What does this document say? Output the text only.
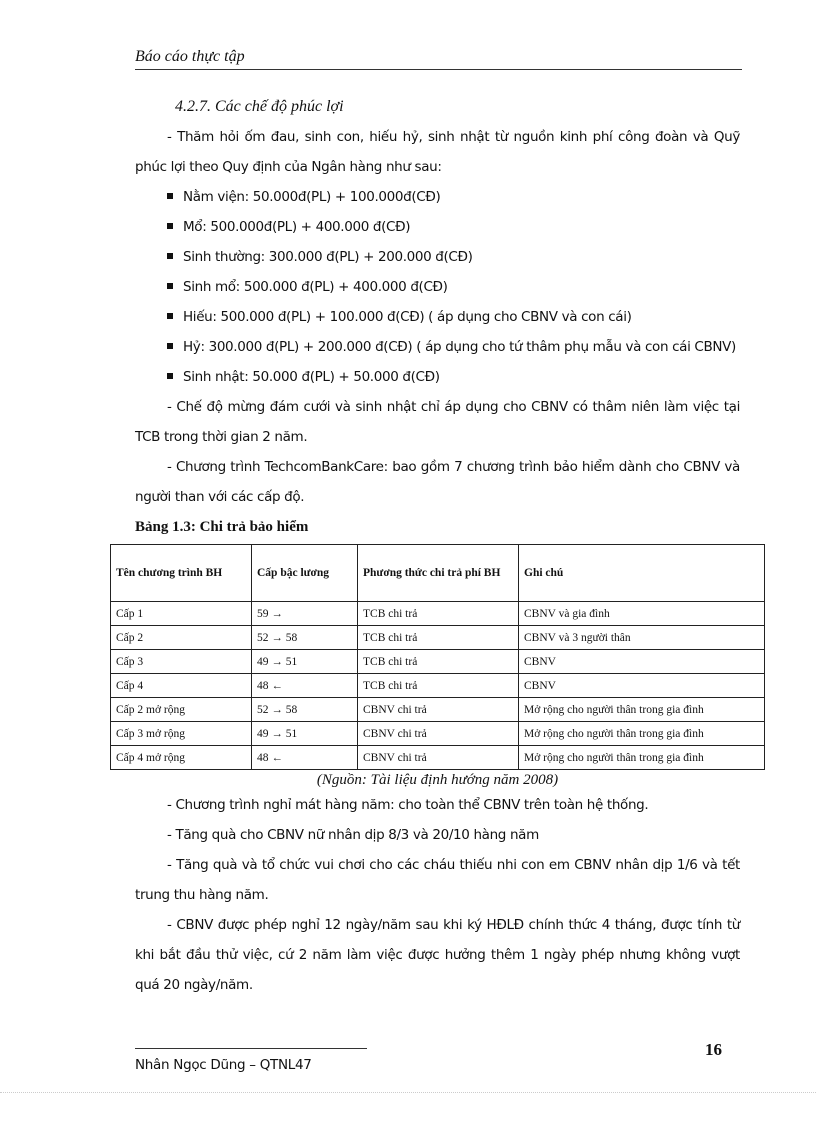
Báo cáo thực tập

4.2.7. Các chế độ phúc lợi

- Thăm hỏi ốm đau, sinh con, hiếu hỷ, sinh nhật từ nguồn kinh phí công đoàn và Quỹ phúc lợi theo Quy định của Ngân hàng như sau:

Nằm viện: 50.000đ(PL) + 100.000đ(CĐ)
Mổ: 500.000đ(PL) + 400.000 đ(CĐ)
Sinh thường: 300.000 đ(PL) + 200.000 đ(CĐ)
Sinh mổ: 500.000 đ(PL) + 400.000 đ(CĐ)
Hiếu: 500.000 đ(PL) + 100.000 đ(CĐ) ( áp dụng cho CBNV và con cái)

Hỷ: 300.000 đ(PL) + 200.000 đ(CĐ) ( áp dụng cho tứ thâm phụ mẫu và con cái CBNV)

Sinh nhật: 50.000 đ(PL) + 50.000 đ(CĐ)

- Chế độ mừng đám cưới và sinh nhật chỉ áp dụng cho CBNV có thâm niên làm việc tại TCB trong thời gian 2 năm.

- Chương trình TechcomBankCare: bao gồm 7 chương trình bảo hiểm dành cho CBNV và người than với các cấp độ.

Bảng 1.3: Chi trả bảo hiểm
Tên chương trình BH	Cấp bậc lương	Phương thức chi trả phí BH	Ghi chú
Cấp 1	59 →	TCB chi trả	CBNV và gia đình
Cấp 2	52 → 58	TCB chi trả	CBNV và 3 người thân
Cấp 3	49 → 51	TCB chi trả	CBNV
Cấp 4	48 ←	TCB chi trả	CBNV
Cấp 2 mở rộng	52 → 58	CBNV chi trả	Mở rộng cho người thân trong gia đình
Cấp 3 mở rộng	49 → 51	CBNV chi trả	Mở rộng cho người thân trong gia đình
Cấp 4 mở rộng	48 ←	CBNV chi trả	Mở rộng cho người thân trong gia đình
(Nguồn: Tài liệu định hướng năm 2008)

- Chương trình nghỉ mát hàng năm: cho toàn thể CBNV trên toàn hệ thống.

- Tăng quà cho CBNV nữ nhân dịp 8/3 và 20/10 hàng năm

- Tăng quà và tổ chức vui chơi cho các cháu thiếu nhi con em CBNV nhân dịp 1/6 và tết trung thu hàng năm.

- CBNV được phép nghỉ 12 ngày/năm sau khi ký HĐLĐ chính thức 4 tháng, được tính từ khi bắt đầu thử việc, cứ 2 năm làm việc được hưởng thêm 1 ngày phép nhưng không vượt quá 20 ngày/năm.

16
Nhân Ngọc Dũng – QTNL47
